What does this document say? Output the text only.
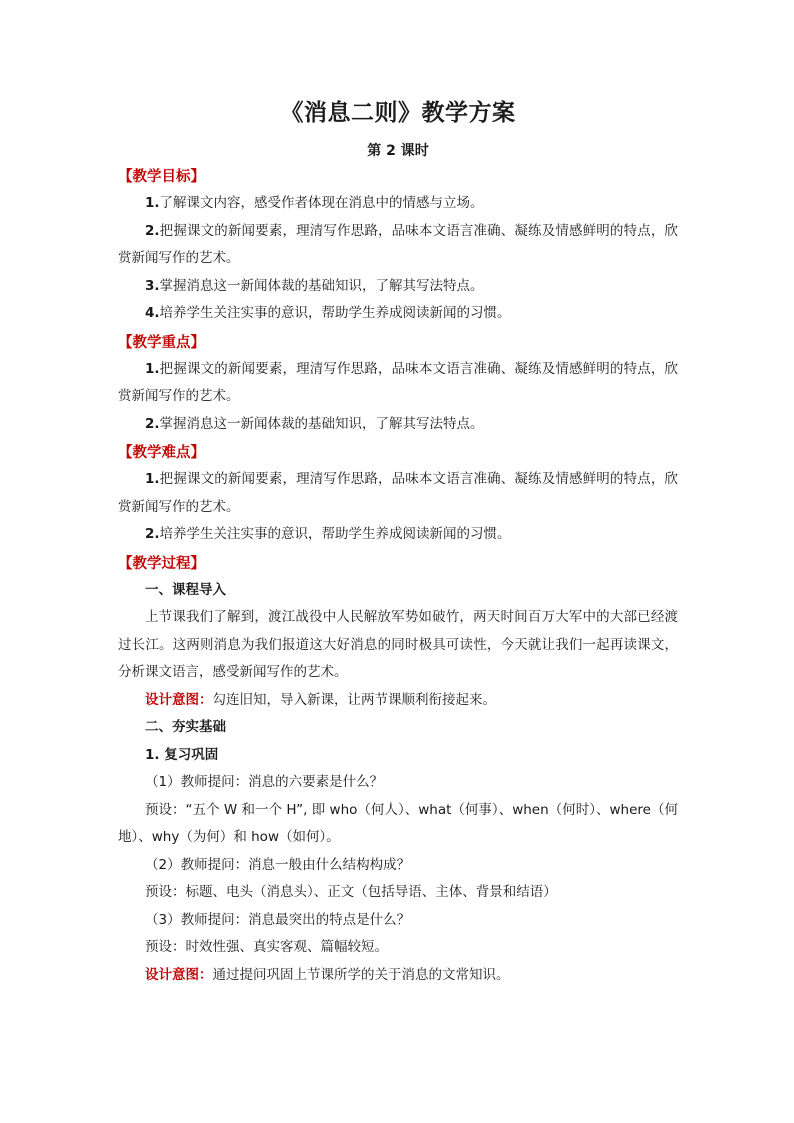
《消息二则》教学方案
第 2 课时
【教学目标】

1.了解课文内容，感受作者体现在消息中的情感与立场。

2.把握课文的新闻要素，理清写作思路，品味本文语言准确、凝练及情感鲜明的特点，欣赏新闻写作的艺术。

3.掌握消息这一新闻体裁的基础知识，了解其写法特点。

4.培养学生关注实事的意识，帮助学生养成阅读新闻的习惯。

【教学重点】

1.把握课文的新闻要素，理清写作思路，品味本文语言准确、凝练及情感鲜明的特点，欣赏新闻写作的艺术。

2.掌握消息这一新闻体裁的基础知识，了解其写法特点。

【教学难点】

1.把握课文的新闻要素，理清写作思路，品味本文语言准确、凝练及情感鲜明的特点，欣赏新闻写作的艺术。

2.培养学生关注实事的意识，帮助学生养成阅读新闻的习惯。

【教学过程】

一、课程导入

上节课我们了解到，渡江战役中人民解放军势如破竹，两天时间百万大军中的大部已经渡过长江。这两则消息为我们报道这大好消息的同时极具可读性，今天就让我们一起再读课文，分析课文语言，感受新闻写作的艺术。

设计意图：勾连旧知，导入新课，让两节课顺利衔接起来。

二、夯实基础

1. 复习巩固

（1）教师提问：消息的六要素是什么？

预设：“五个 W 和一个 H”, 即 who（何人）、what（何事）、when（何时）、where（何地）、why（为何）和 how（如何）。

（2）教师提问：消息一般由什么结构构成？

预设：标题、电头（消息头）、正文（包括导语、主体、背景和结语）

（3）教师提问：消息最突出的特点是什么？

预设：时效性强、真实客观、篇幅较短。

设计意图：通过提问巩固上节课所学的关于消息的文常知识。
